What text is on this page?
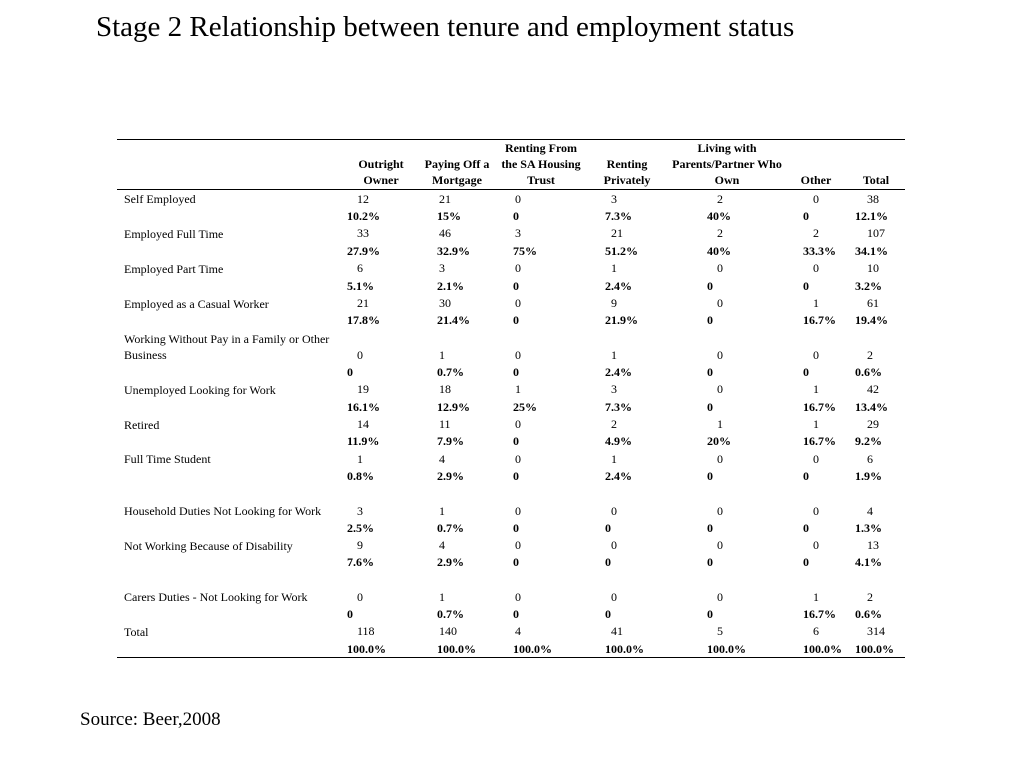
Stage 2 Relationship between tenure and employment status
	Outright Owner	Paying Off a Mortgage	Renting From the SA Housing Trust	Renting Privately	Living with Parents/Partner Who Own	Other	Total
Self Employed	12	21	0	3	2	0	38
	10.2%	15%	0	7.3%	40%	0	12.1%
Employed Full Time	33	46	3	21	2	2	107
	27.9%	32.9%	75%	51.2%	40%	33.3%	34.1%
Employed Part Time	6	3	0	1	0	0	10
	5.1%	2.1%	0	2.4%	0	0	3.2%
Employed as a Casual Worker	21	30	0	9	0	1	61
	17.8%	21.4%	0	21.9%	0	16.7%	19.4%
Working Without Pay in a Family or Other Business	0	1	0	1	0	0	2
	0	0.7%	0	2.4%	0	0	0.6%
Unemployed Looking for Work	19	18	1	3	0	1	42
	16.1%	12.9%	25%	7.3%	0	16.7%	13.4%
Retired	14	11	0	2	1	1	29
	11.9%	7.9%	0	4.9%	20%	16.7%	9.2%
Full Time Student	1	4	0	1	0	0	6
	0.8%	2.9%	0	2.4%	0	0	1.9%
Household Duties Not Looking for Work	3	1	0	0	0	0	4
	2.5%	0.7%	0	0	0	0	1.3%
Not Working Because of Disability	9	4	0	0	0	0	13
	7.6%	2.9%	0	0	0	0	4.1%
Carers Duties - Not Looking for Work	0	1	0	0	0	1	2
	0	0.7%	0	0	0	16.7%	0.6%
Total	118	140	4	41	5	6	314
	100.0%	100.0%	100.0%	100.0%	100.0%	100.0%	100.0%
Source: Beer,2008
